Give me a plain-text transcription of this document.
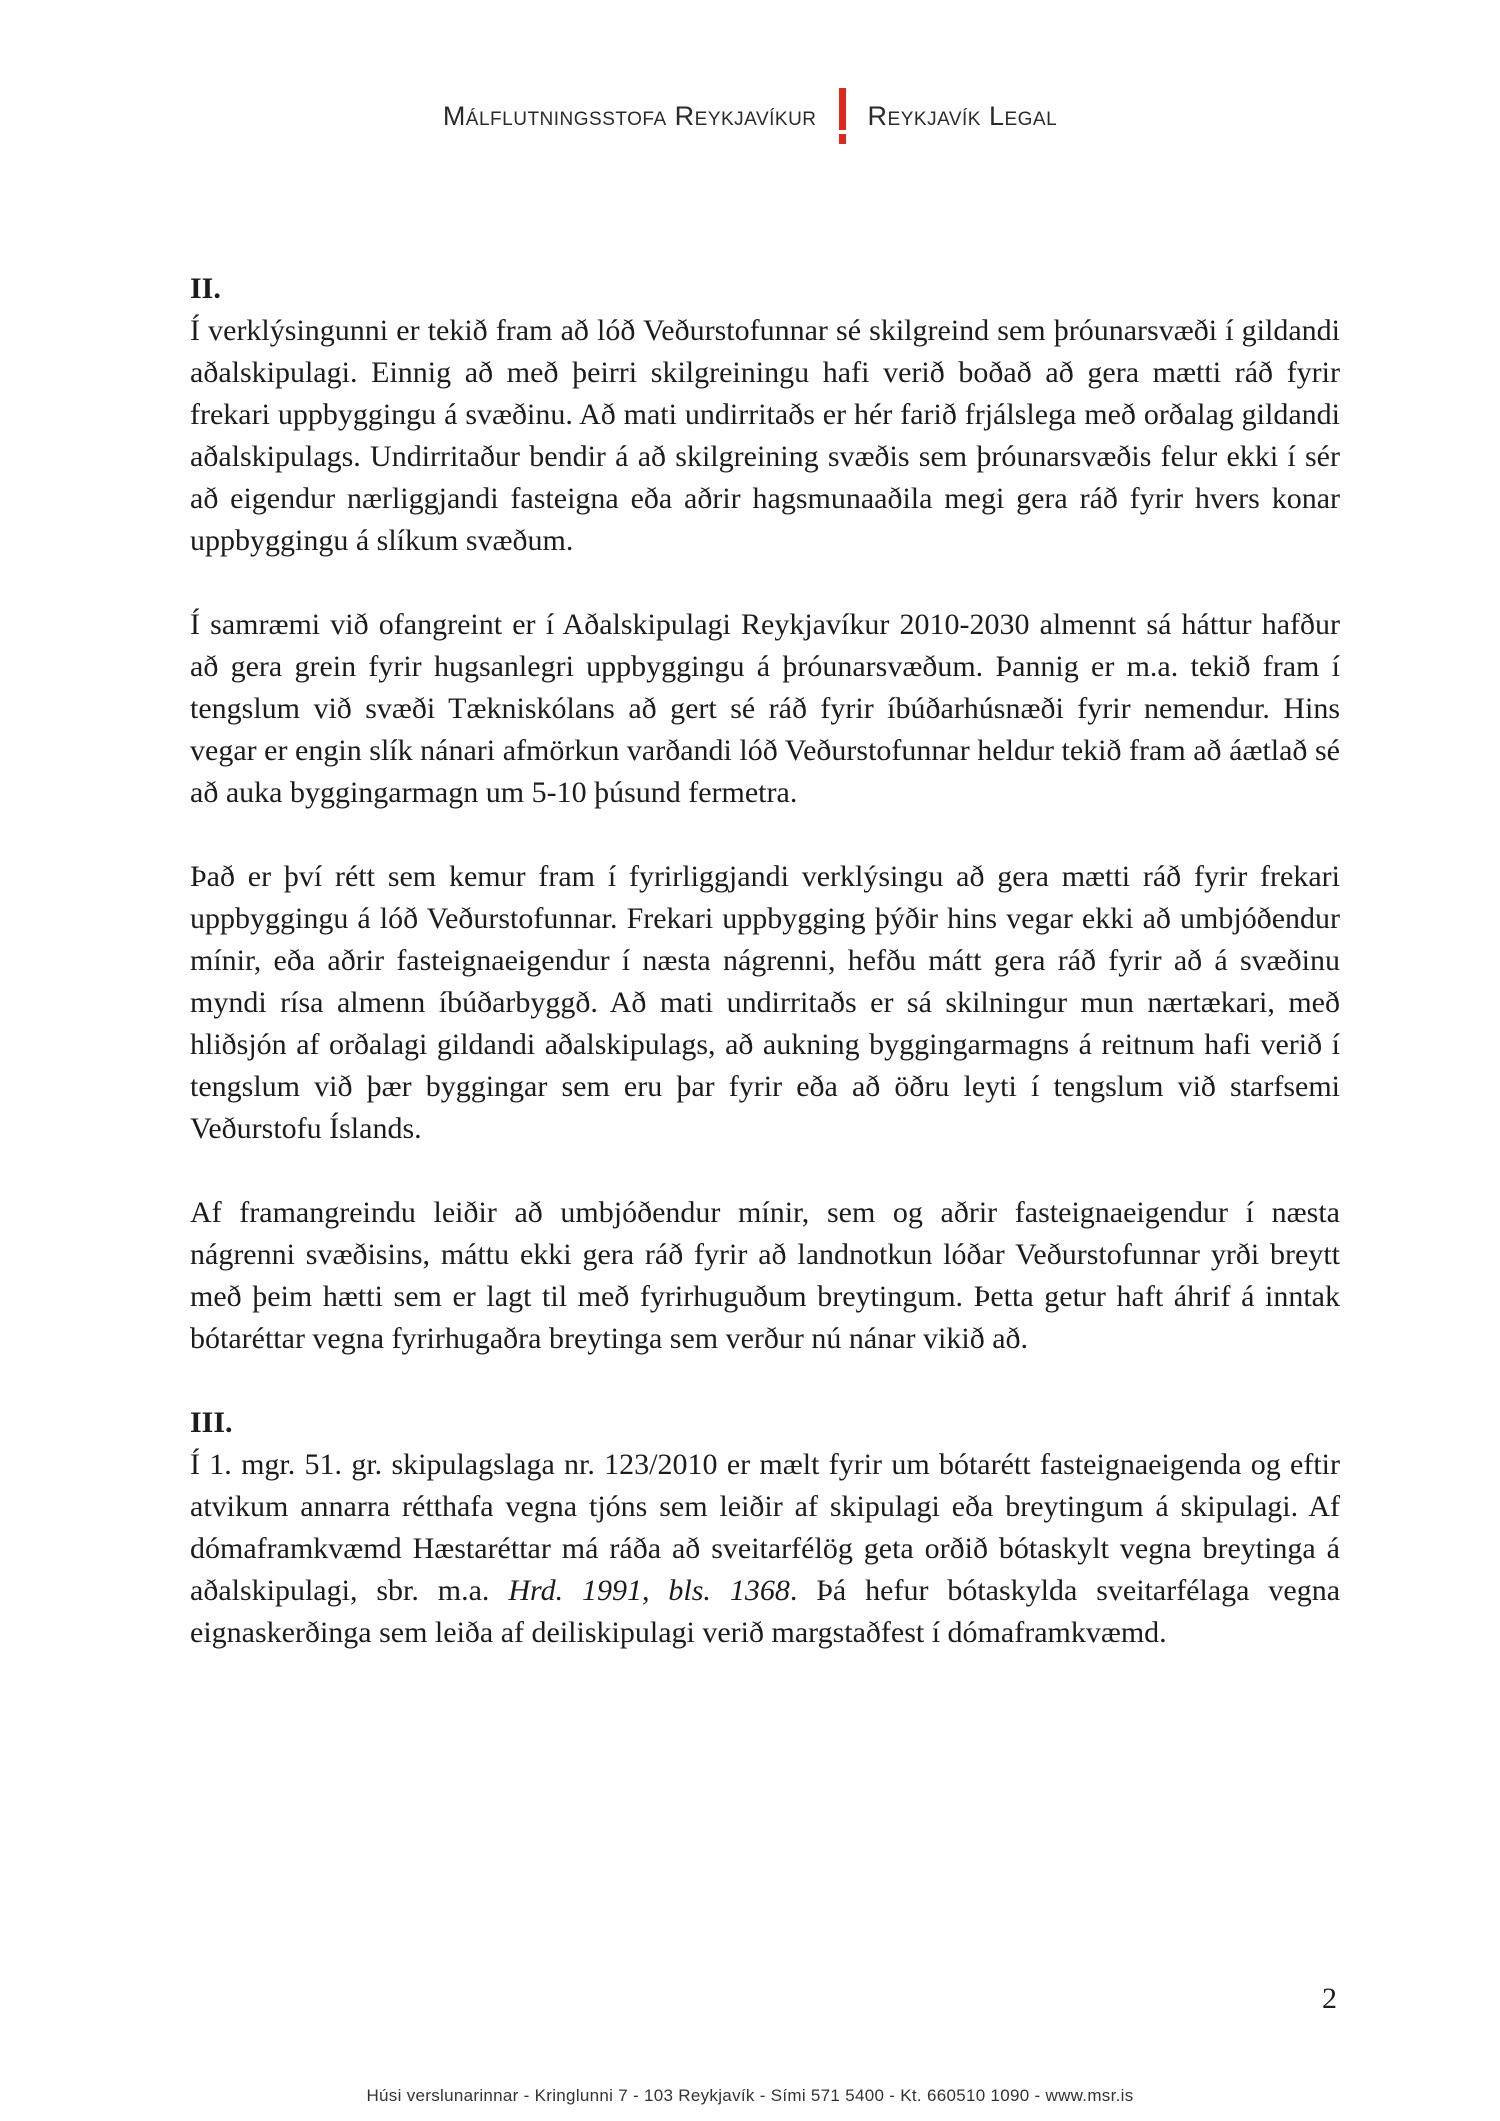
Málflutningsstofa Reykjavíkur Reykjavík Legal

II.

Í verklýsingunni er tekið fram að lóð Veðurstofunnar sé skilgreind sem þróunarsvæði í gildandi aðalskipulagi. Einnig að með þeirri skilgreiningu hafi verið boðað að gera mætti ráð fyrir frekari uppbyggingu á svæðinu. Að mati undirritaðs er hér farið frjálslega með orðalag gildandi aðalskipulags. Undirritaður bendir á að skilgreining svæðis sem þróunarsvæðis felur ekki í sér að eigendur nærliggjandi fasteigna eða aðrir hagsmunaaðila megi gera ráð fyrir hvers konar uppbyggingu á slíkum svæðum.

Í samræmi við ofangreint er í Aðalskipulagi Reykjavíkur 2010-2030 almennt sá háttur hafður að gera grein fyrir hugsanlegri uppbyggingu á þróunarsvæðum. Þannig er m.a. tekið fram í tengslum við svæði Tækniskólans að gert sé ráð fyrir íbúðarhúsnæði fyrir nemendur. Hins vegar er engin slík nánari afmörkun varðandi lóð Veðurstofunnar heldur tekið fram að áætlað sé að auka byggingarmagn um 5-10 þúsund fermetra.

Það er því rétt sem kemur fram í fyrirliggjandi verklýsingu að gera mætti ráð fyrir frekari uppbyggingu á lóð Veðurstofunnar. Frekari uppbygging þýðir hins vegar ekki að umbjóðendur mínir, eða aðrir fasteignaeigendur í næsta nágrenni, hefðu mátt gera ráð fyrir að á svæðinu myndi rísa almenn íbúðarbyggð. Að mati undirritaðs er sá skilningur mun nærtækari, með hliðsjón af orðalagi gildandi aðalskipulags, að aukning byggingarmagns á reitnum hafi verið í tengslum við þær byggingar sem eru þar fyrir eða að öðru leyti í tengslum við starfsemi Veðurstofu Íslands.

Af framangreindu leiðir að umbjóðendur mínir, sem og aðrir fasteignaeigendur í næsta nágrenni svæðisins, máttu ekki gera ráð fyrir að landnotkun lóðar Veðurstofunnar yrði breytt með þeim hætti sem er lagt til með fyrirhuguðum breytingum. Þetta getur haft áhrif á inntak bótaréttar vegna fyrirhugaðra breytinga sem verður nú nánar vikið að.

III.

Í 1. mgr. 51. gr. skipulagslaga nr. 123/2010 er mælt fyrir um bótarétt fasteignaeigenda og eftir atvikum annarra rétthafa vegna tjóns sem leiðir af skipulagi eða breytingum á skipulagi. Af dómaframkvæmd Hæstaréttar má ráða að sveitarfélög geta orðið bótaskylt vegna breytinga á aðalskipulagi, sbr. m.a. Hrd. 1991, bls. 1368. Þá hefur bótaskylda sveitarfélaga vegna eignaskerðinga sem leiða af deiliskipulagi verið margstaðfest í dómaframkvæmd.

2
Húsi verslunarinnar - Kringlunni 7 - 103 Reykjavík - Sími 571 5400 - Kt. 660510 1090 - www.msr.is
